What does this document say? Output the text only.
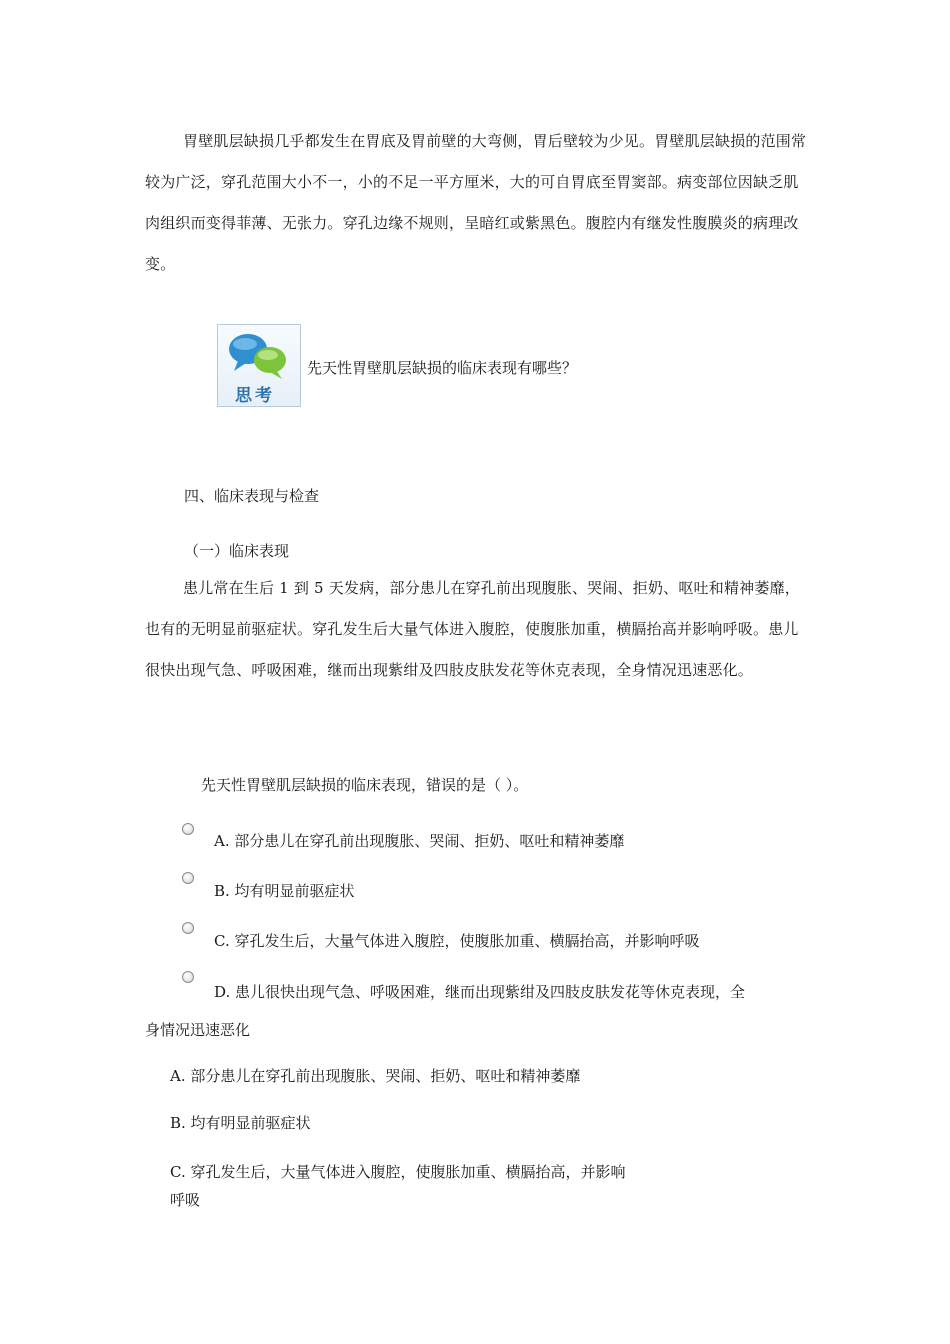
胃壁肌层缺损几乎都发生在胃底及胃前壁的大弯侧，胃后壁较为少见。胃壁肌层缺损的范围常较为广泛，穿孔范围大小不一，小的不足一平方厘米，大的可自胃底至胃窦部。病变部位因缺乏肌肉组织而变得菲薄、无张力。穿孔边缘不规则，呈暗红或紫黑色。腹腔内有继发性腹膜炎的病理改变。

思考
先天性胃壁肌层缺损的临床表现有哪些？
四、临床表现与检查
（一）临床表现

患儿常在生后 1 到 5 天发病，部分患儿在穿孔前出现腹胀、哭闹、拒奶、呕吐和精神萎靡，也有的无明显前驱症状。穿孔发生后大量气体进入腹腔，使腹胀加重，横膈抬高并影响呼吸。患儿很快出现气急、呼吸困难，继而出现紫绀及四肢皮肤发花等休克表现，全身情况迅速恶化。

先天性胃壁肌层缺损的临床表现，错误的是（ ）。
A. 部分患儿在穿孔前出现腹胀、哭闹、拒奶、呕吐和精神萎靡
B. 均有明显前驱症状
C. 穿孔发生后，大量气体进入腹腔，使腹胀加重、横膈抬高，并影响呼吸
D. 患儿很快出现气急、呼吸困难，继而出现紫绀及四肢皮肤发花等休克表现，全
身情况迅速恶化
A. 部分患儿在穿孔前出现腹胀、哭闹、拒奶、呕吐和精神萎靡
B. 均有明显前驱症状
C. 穿孔发生后，大量气体进入腹腔，使腹胀加重、横膈抬高，并影响
呼吸
